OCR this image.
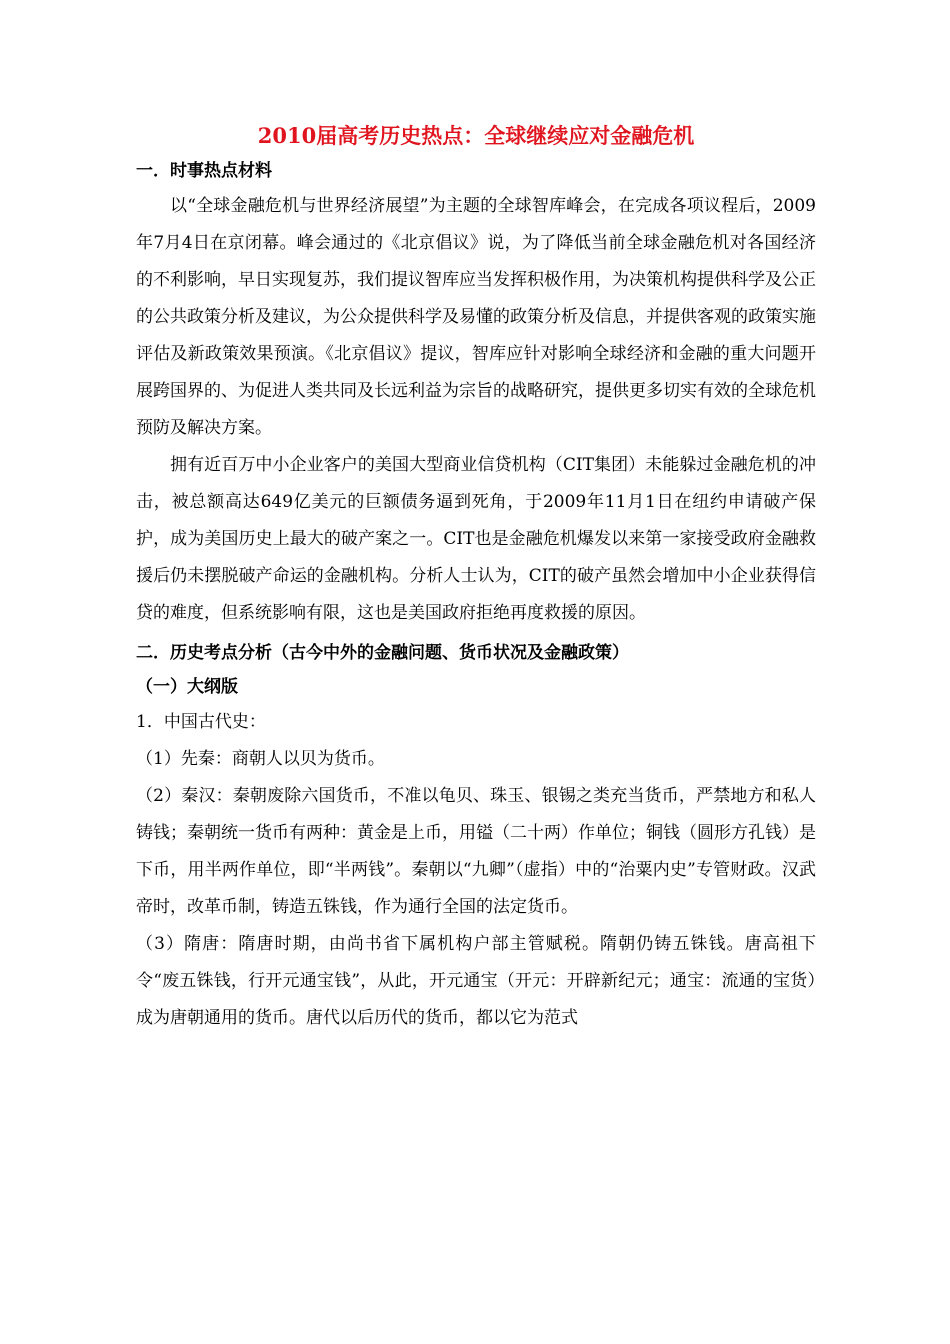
2010届高考历史热点：全球继续应对金融危机

一．时事热点材料

以“全球金融危机与世界经济展望”为主题的全球智库峰会，在完成各项议程后，2009年7月4日在京闭幕。峰会通过的《北京倡议》说，为了降低当前全球金融危机对各国经济的不利影响，早日实现复苏，我们提议智库应当发挥积极作用，为决策机构提供科学及公正的公共政策分析及建议，为公众提供科学及易懂的政策分析及信息，并提供客观的政策实施评估及新政策效果预演。《北京倡议》提议，智库应针对影响全球经济和金融的重大问题开展跨国界的、为促进人类共同及长远利益为宗旨的战略研究，提供更多切实有效的全球危机预防及解决方案。

拥有近百万中小企业客户的美国大型商业信贷机构（CIT集团）未能躲过金融危机的冲击，被总额高达649亿美元的巨额债务逼到死角，于2009年11月1日在纽约申请破产保护，成为美国历史上最大的破产案之一。CIT也是金融危机爆发以来第一家接受政府金融救援后仍未摆脱破产命运的金融机构。分析人士认为，CIT的破产虽然会增加中小企业获得信贷的难度，但系统影响有限，这也是美国政府拒绝再度救援的原因。

二．历史考点分析（古今中外的金融问题、货币状况及金融政策）

（一）大纲版

1．中国古代史：

（1）先秦：商朝人以贝为货币。

（2）秦汉：秦朝废除六国货币，不准以龟贝、珠玉、银锡之类充当货币，严禁地方和私人铸钱；秦朝统一货币有两种：黄金是上币，用镒（二十两）作单位；铜钱（圆形方孔钱）是下币，用半两作单位，即“半两钱”。秦朝以“九卿”（虚指）中的“治粟内史”专管财政。汉武帝时，改革币制，铸造五铢钱，作为通行全国的法定货币。

（3）隋唐：隋唐时期，由尚书省下属机构户部主管赋税。隋朝仍铸五铢钱。唐高祖下令“废五铢钱，行开元通宝钱”，从此，开元通宝（开元：开辟新纪元；通宝：流通的宝货）成为唐朝通用的货币。唐代以后历代的货币，都以它为范式
